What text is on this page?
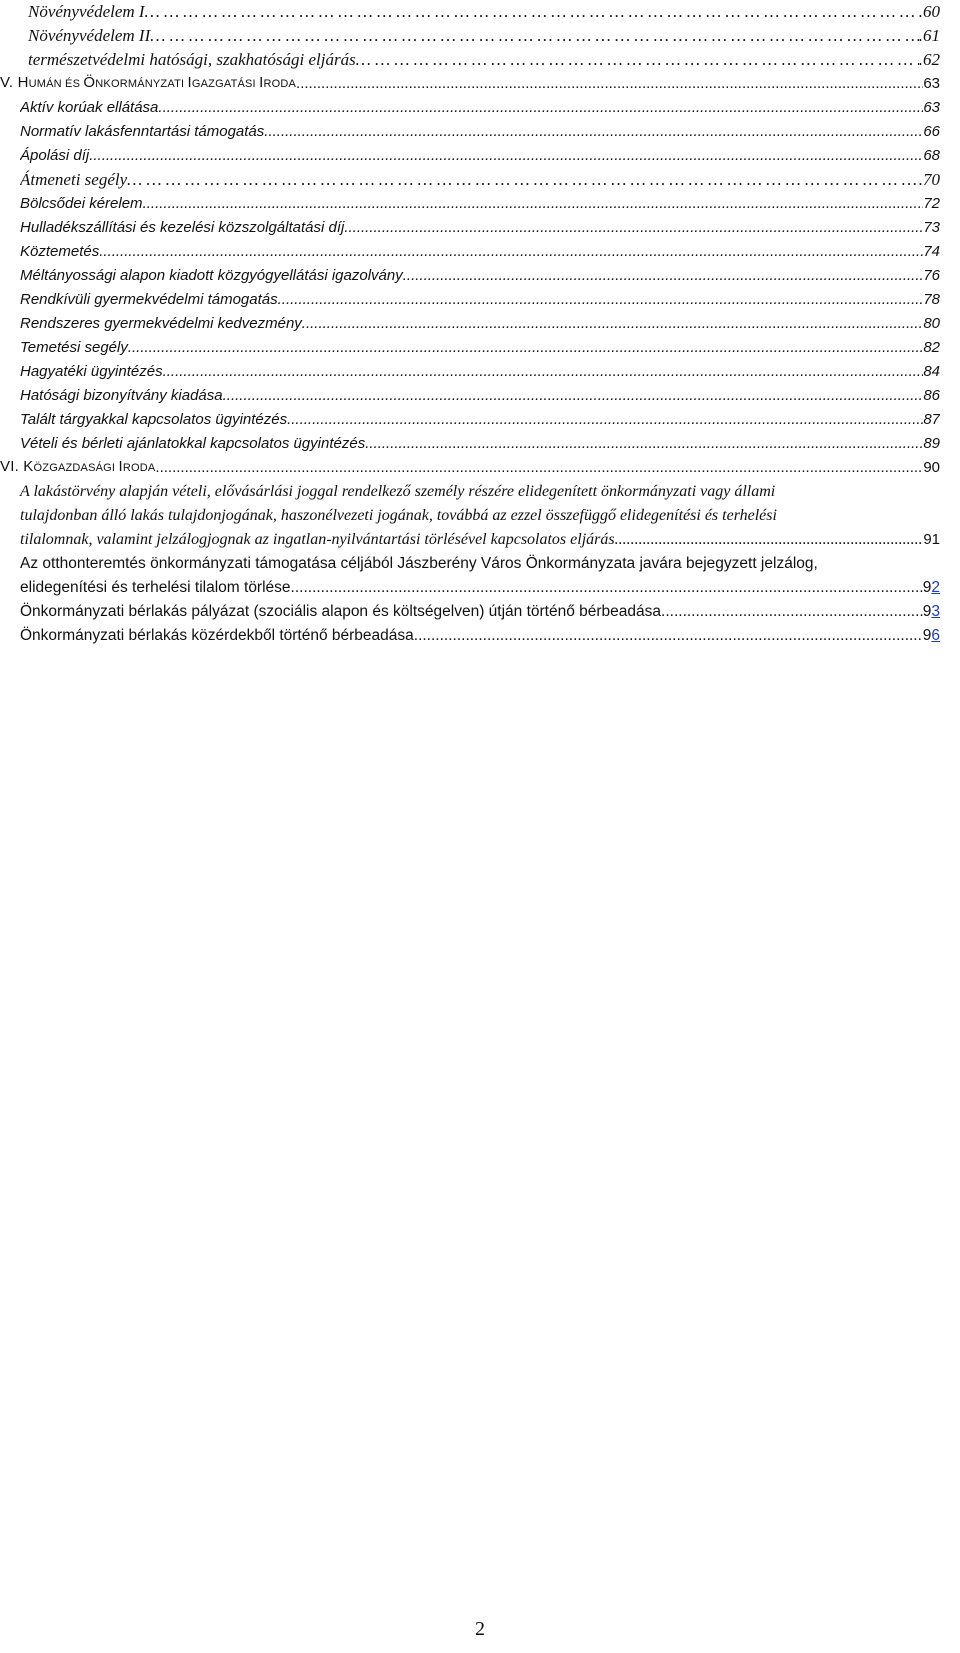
Növényvédelem I … … … … … … … … … … … … … … … … … … … … … … … … … … … … … … … … … … … … … … … … … … … … … … … … … … … … … … … … … … … … … … … … … … … … … … … … … … … … … … … … … … … … … … … … … … … … … … … … … … … … … … … … … …	.60
Növényvédelem II … … … … … … … … … … … … … … … … … … … … … … … … … … … … … … … … … … … … … … … … … … … … … … … … … … … … … … … … … … … … … … … … … … … … … … … … … … … … … … … … … … … … … … … … … … … … … … … … … … … … … … … … … …	.61
természetvédelmi hatósági, szakhatósági eljárás … … … … … … … … … … … … … … … … … … … … … … … … … … … … … … … … … … … … … … … … … … … … … … … … … … … … … … … … … … … … … … … … … … … … … … … … … … … … … … … … … … … … … … … … … … … … … … … … … … … … … … … … … …	.62
V. HUMÁN ÉS ÖNKORMÁNYZATI IGAZGATÁSI IRODA .....	63
Aktív korúak ellátása .....	63
Normatív lakásfenntartási támogatás .....	66
Ápolási díj .....	68
Átmeneti segély … … … … … … … … … … … … … … … … … … … … … … … … … … … … … … … … … … … … … … … … … … … … … … … … … … … … … … … … … … … … … … … … … … … … … … … … … … … … … … … … … … … … … … … … … … … … … … … … … … … … … … … … … …	.70
Bölcsődei kérelem .....	72
Hulladékszállítási és kezelési közszolgáltatási díj .....	73
Köztemetés .....	74
Méltányossági alapon kiadott közgyógyellátási igazolvány .....	76
Rendkívüli gyermekvédelmi támogatás .....	78
Rendszeres gyermekvédelmi kedvezmény .....	80
Temetési segély .....	82
Hagyatéki ügyintézés .....	84
Hatósági bizonyítvány kiadása .....	86
Talált tárgyakkal kapcsolatos ügyintézés .....	87
Vételi és bérleti ajánlatokkal kapcsolatos ügyintézés .....	89
VI. KÖZGAZDASÁGI IRODA .....	90
A lakástörvény alapján vételi, elővásárlási joggal rendelkező személy részére elidegenített önkormányzati vagy állami
tulajdonban álló lakás tulajdonjogának, haszonélvezeti jogának, továbbá az ezzel összefüggő elidegenítési és terhelési
tilalomnak, valamint jelzálogjognak az ingatlan-nyilvántartási törlésével kapcsolatos eljárás .....	91
Az otthonteremtés önkormányzati támogatása céljából Jászberény Város Önkormányzata javára bejegyzett jelzálog,
elidegenítési és terhelési tilalom törlése .....	92
Önkormányzati bérlakás pályázat (szociális alapon és költségelven) útján történő bérbeadása .....	93
Önkormányzati bérlakás közérdekből történő bérbeadása .....	96
2
